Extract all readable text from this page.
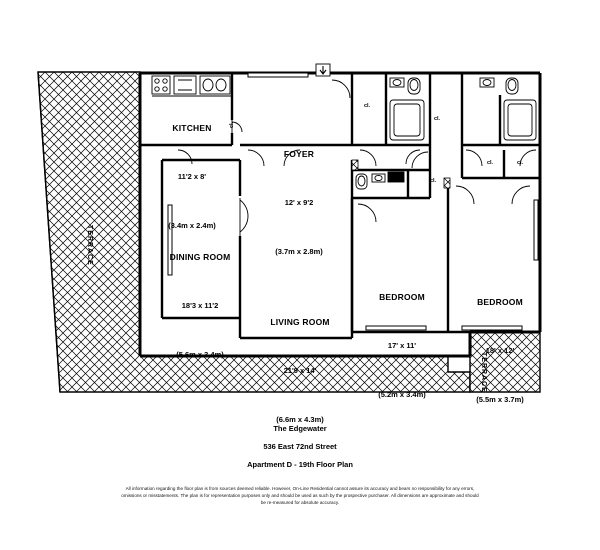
KITCHEN

11'2 x 8'

(3.4m x 2.4m)

FOYER

12' x 9'2

(3.7m x 2.8m)

DINING ROOM

18'3 x 11'2

(5.6m x 3.4m)

LIVING ROOM

21'9 x 14'

(6.6m x 4.3m)

BEDROOM

17' x 11'

(5.2m x 3.4m)

BEDROOM

18' x 12'

(5.5m x 3.7m)

cl.
cl.
cl.	cl.
cl.
cl.
TERRACE
TERRACE
The Edgewater
536 East 72nd Street
Apartment D - 19th Floor Plan
All information regarding the floor plan is from sources deemed reliable. However, On-Line Residential cannot assure its accuracy and bears no responsibility for any errors, omissions or misstatements. The plan is for representation purposes only and should be used as such by the prospective purchaser. All dimensions are approximate and should be re-measured for absolute accuracy.
